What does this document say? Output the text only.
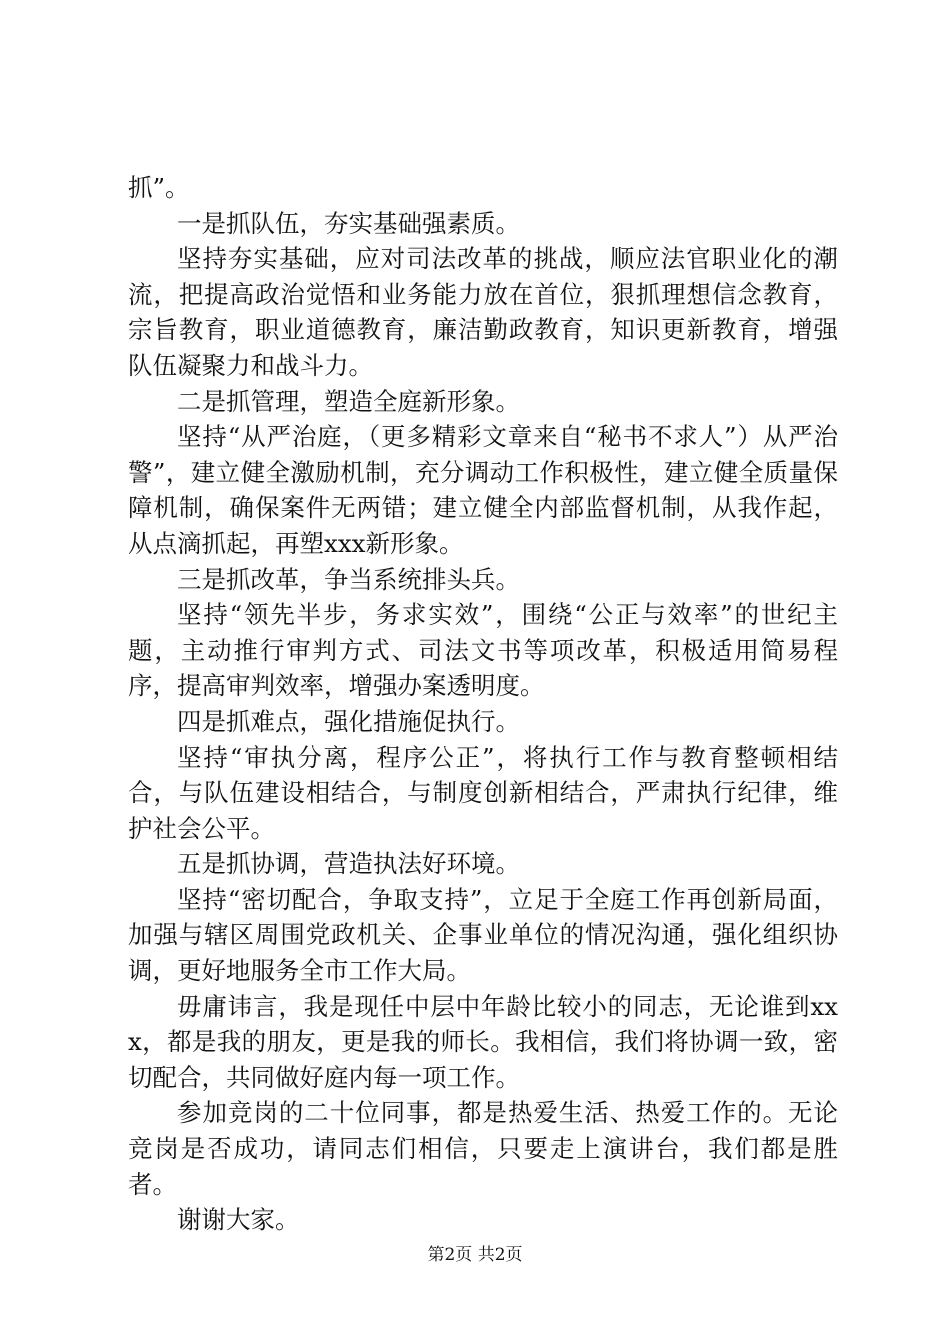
抓”。

一是抓队伍，夯实基础强素质。

坚持夯实基础，应对司法改革的挑战，顺应法官职业化的潮流，把提高政治觉悟和业务能力放在首位，狠抓理想信念教育，宗旨教育，职业道德教育，廉洁勤政教育，知识更新教育，增强队伍凝聚力和战斗力。

二是抓管理，塑造全庭新形象。

坚持“从严治庭，（更多精彩文章来自“秘书不求人”）从严治警”，建立健全激励机制，充分调动工作积极性，建立健全质量保障机制，确保案件无两错；建立健全内部监督机制，从我作起，从点滴抓起，再塑xxx新形象。

三是抓改革，争当系统排头兵。

坚持“领先半步，务求实效”，围绕“公正与效率”的世纪主题，主动推行审判方式、司法文书等项改革，积极适用简易程序，提高审判效率，增强办案透明度。

四是抓难点，强化措施促执行。

坚持“审执分离，程序公正”，将执行工作与教育整顿相结合，与队伍建设相结合，与制度创新相结合，严肃执行纪律，维护社会公平。

五是抓协调，营造执法好环境。

坚持“密切配合，争取支持”，立足于全庭工作再创新局面，加强与辖区周围党政机关、企事业单位的情况沟通，强化组织协调，更好地服务全市工作大局。

毋庸讳言，我是现任中层中年龄比较小的同志，无论谁到xxx，都是我的朋友，更是我的师长。我相信，我们将协调一致，密切配合，共同做好庭内每一项工作。

参加竞岗的二十位同事，都是热爱生活、热爱工作的。无论竞岗是否成功，请同志们相信，只要走上演讲台，我们都是胜者。

谢谢大家。

第2页 共2页
